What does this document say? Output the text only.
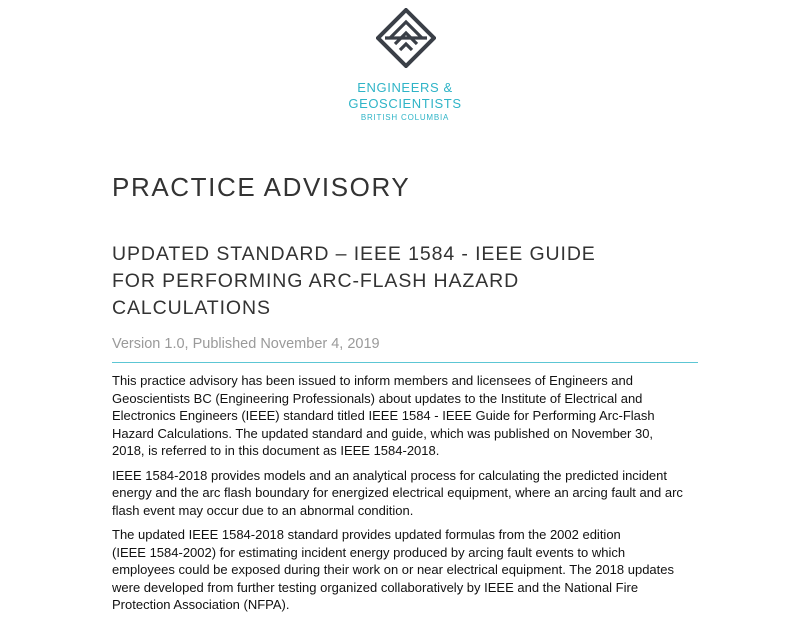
ENGINEERS &
GEOSCIENTISTS
BRITISH COLUMBIA
PRACTICE ADVISORY
UPDATED STANDARD – IEEE 1584 - IEEE GUIDE
FOR PERFORMING ARC-FLASH HAZARD
CALCULATIONS
Version 1.0, Published November 4, 2019

This practice advisory has been issued to inform members and licensees of Engineers and
Geoscientists BC (Engineering Professionals) about updates to the Institute of Electrical and
Electronics Engineers (IEEE) standard titled IEEE 1584 - IEEE Guide for Performing Arc-Flash
Hazard Calculations. The updated standard and guide, which was published on November 30,
2018, is referred to in this document as IEEE 1584-2018.

IEEE 1584-2018 provides models and an analytical process for calculating the predicted incident
energy and the arc flash boundary for energized electrical equipment, where an arcing fault and arc
flash event may occur due to an abnormal condition.

The updated IEEE 1584-2018 standard provides updated formulas from the 2002 edition
(IEEE 1584-2002) for estimating incident energy produced by arcing fault events to which
employees could be exposed during their work on or near electrical equipment. The 2018 updates
were developed from further testing organized collaboratively by IEEE and the National Fire
Protection Association (NFPA).
